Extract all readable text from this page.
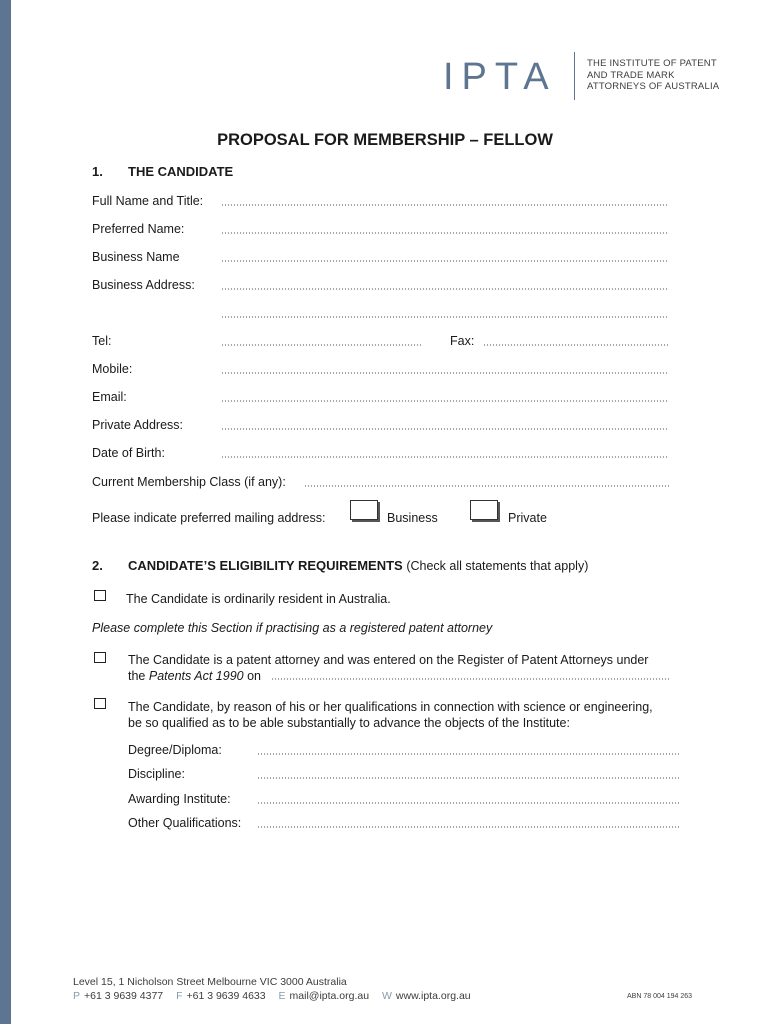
IPTA	THE INSTITUTE OF PATENT
AND TRADE MARK
ATTORNEYS OF AUSTRALIA
PROPOSAL FOR MEMBERSHIP – FELLOW
1. THE CANDIDATE
Full Name and Title:
Preferred Name:
Business Name
Business Address:
Tel:	Fax:
Mobile:
Email:
Private Address:
Date of Birth:
Current Membership Class (if any):
Please indicate preferred mailing address:	Business	Private
2. CANDIDATE’S ELIGIBILITY REQUIREMENTS (Check all statements that apply)
The Candidate is ordinarily resident in Australia.
Please complete this Section if practising as a registered patent attorney
The Candidate is a patent attorney and was entered on the Register of Patent Attorneys under
the Patents Act 1990 on
The Candidate, by reason of his or her qualifications in connection with science or engineering,
be so qualified as to be able substantially to advance the objects of the Institute:
Degree/Diploma:
Discipline:
Awarding Institute:
Other Qualifications:
Level 15, 1 Nicholson Street Melbourne VIC 3000 Australia
P +61 3 9639 4377 F +61 3 9639 4633 E mail@ipta.org.au W www.ipta.org.au	ABN 78 004 194 263
